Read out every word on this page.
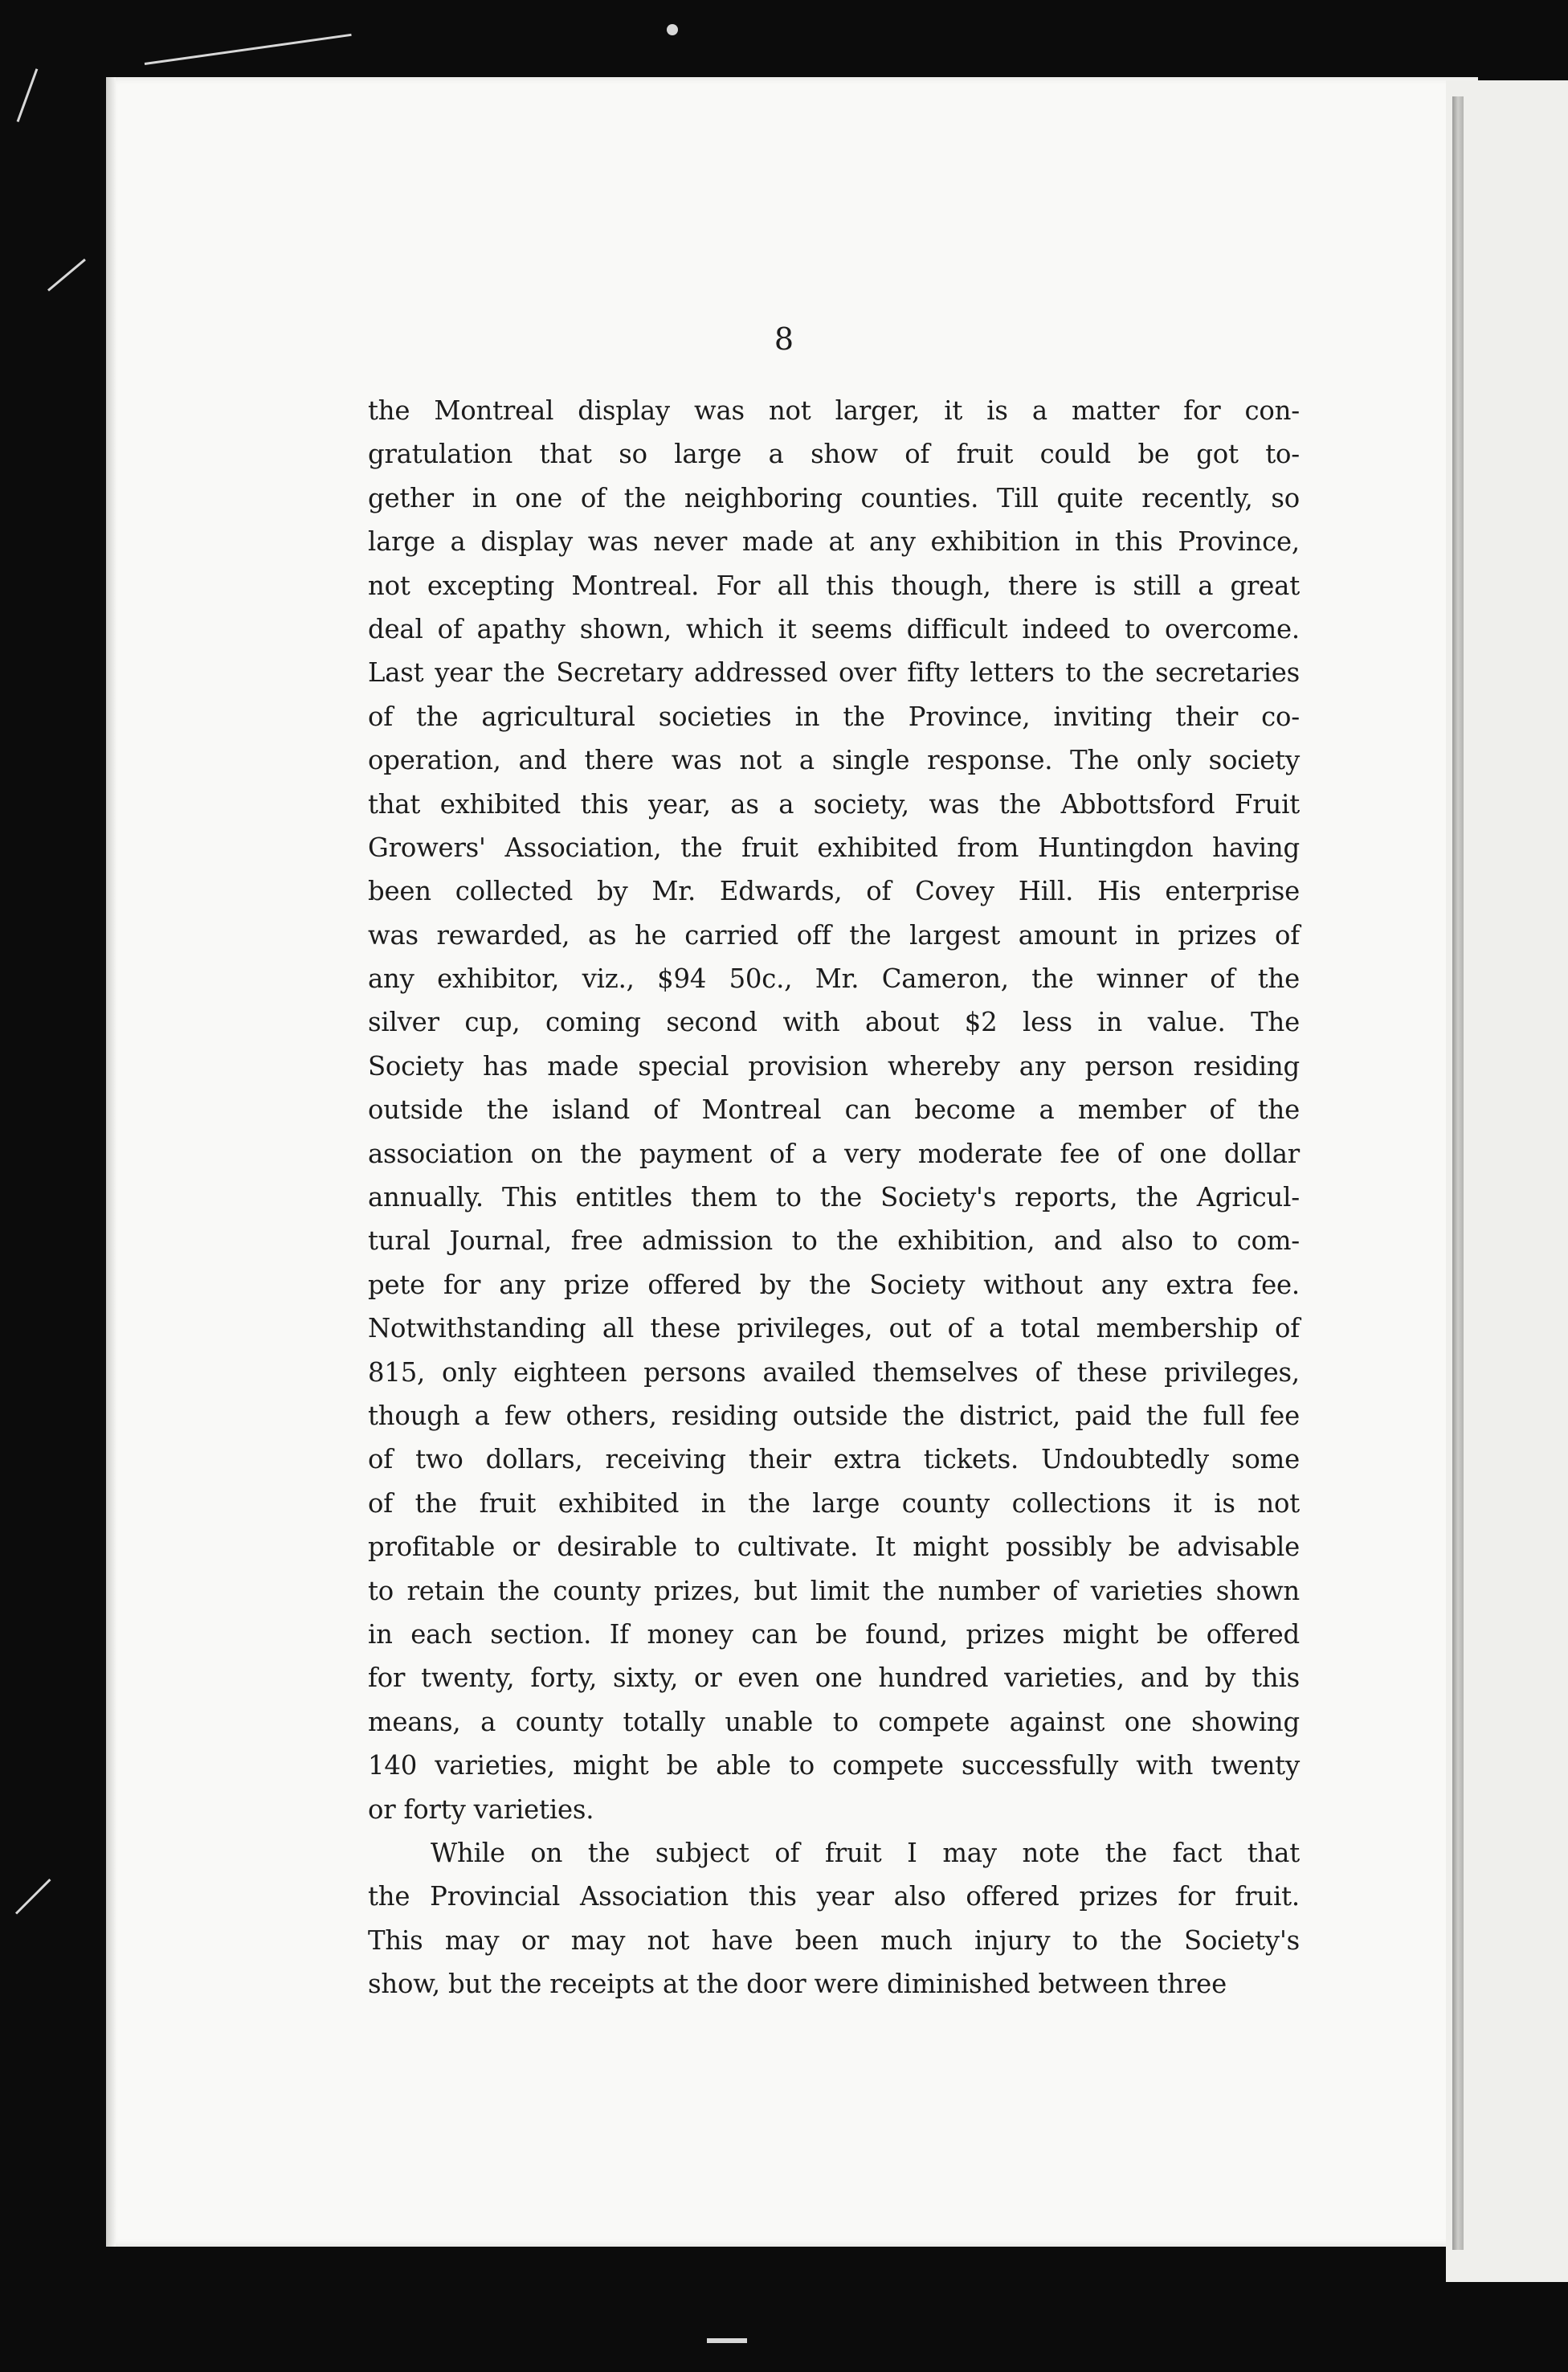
8
the Montreal display was not larger, it is a matter for con-
gratulation that so large a show of fruit could be got to-
gether in one of the neighboring counties. Till quite recently, so
large a display was never made at any exhibition in this Province,
not excepting Montreal. For all this though, there is still a great
deal of apathy shown, which it seems difficult indeed to overcome.
Last year the Secretary addressed over fifty letters to the secretaries
of the agricultural societies in the Province, inviting their co-
operation, and there was not a single response. The only society
that exhibited this year, as a society, was the Abbottsford Fruit
Growers' Association, the fruit exhibited from Huntingdon having
been collected by Mr. Edwards, of Covey Hill. His enterprise
was rewarded, as he carried off the largest amount in prizes of
any exhibitor, viz., $94 50c., Mr. Cameron, the winner of the
silver cup, coming second with about $2 less in value. The
Society has made special provision whereby any person residing
outside the island of Montreal can become a member of the
association on the payment of a very moderate fee of one dollar
annually. This entitles them to the Society's reports, the Agricul-
tural Journal, free admission to the exhibition, and also to com-
pete for any prize offered by the Society without any extra fee.
Notwithstanding all these privileges, out of a total membership of
815, only eighteen persons availed themselves of these privileges,
though a few others, residing outside the district, paid the full fee
of two dollars, receiving their extra tickets. Undoubtedly some
of the fruit exhibited in the large county collections it is not
profitable or desirable to cultivate. It might possibly be advisable
to retain the county prizes, but limit the number of varieties shown
in each section. If money can be found, prizes might be offered
for twenty, forty, sixty, or even one hundred varieties, and by this
means, a county totally unable to compete against one showing
140 varieties, might be able to compete successfully with twenty
or forty varieties.
While on the subject of fruit I may note the fact that
the Provincial Association this year also offered prizes for fruit.
This may or may not have been much injury to the Society's
show, but the receipts at the door were diminished between three
